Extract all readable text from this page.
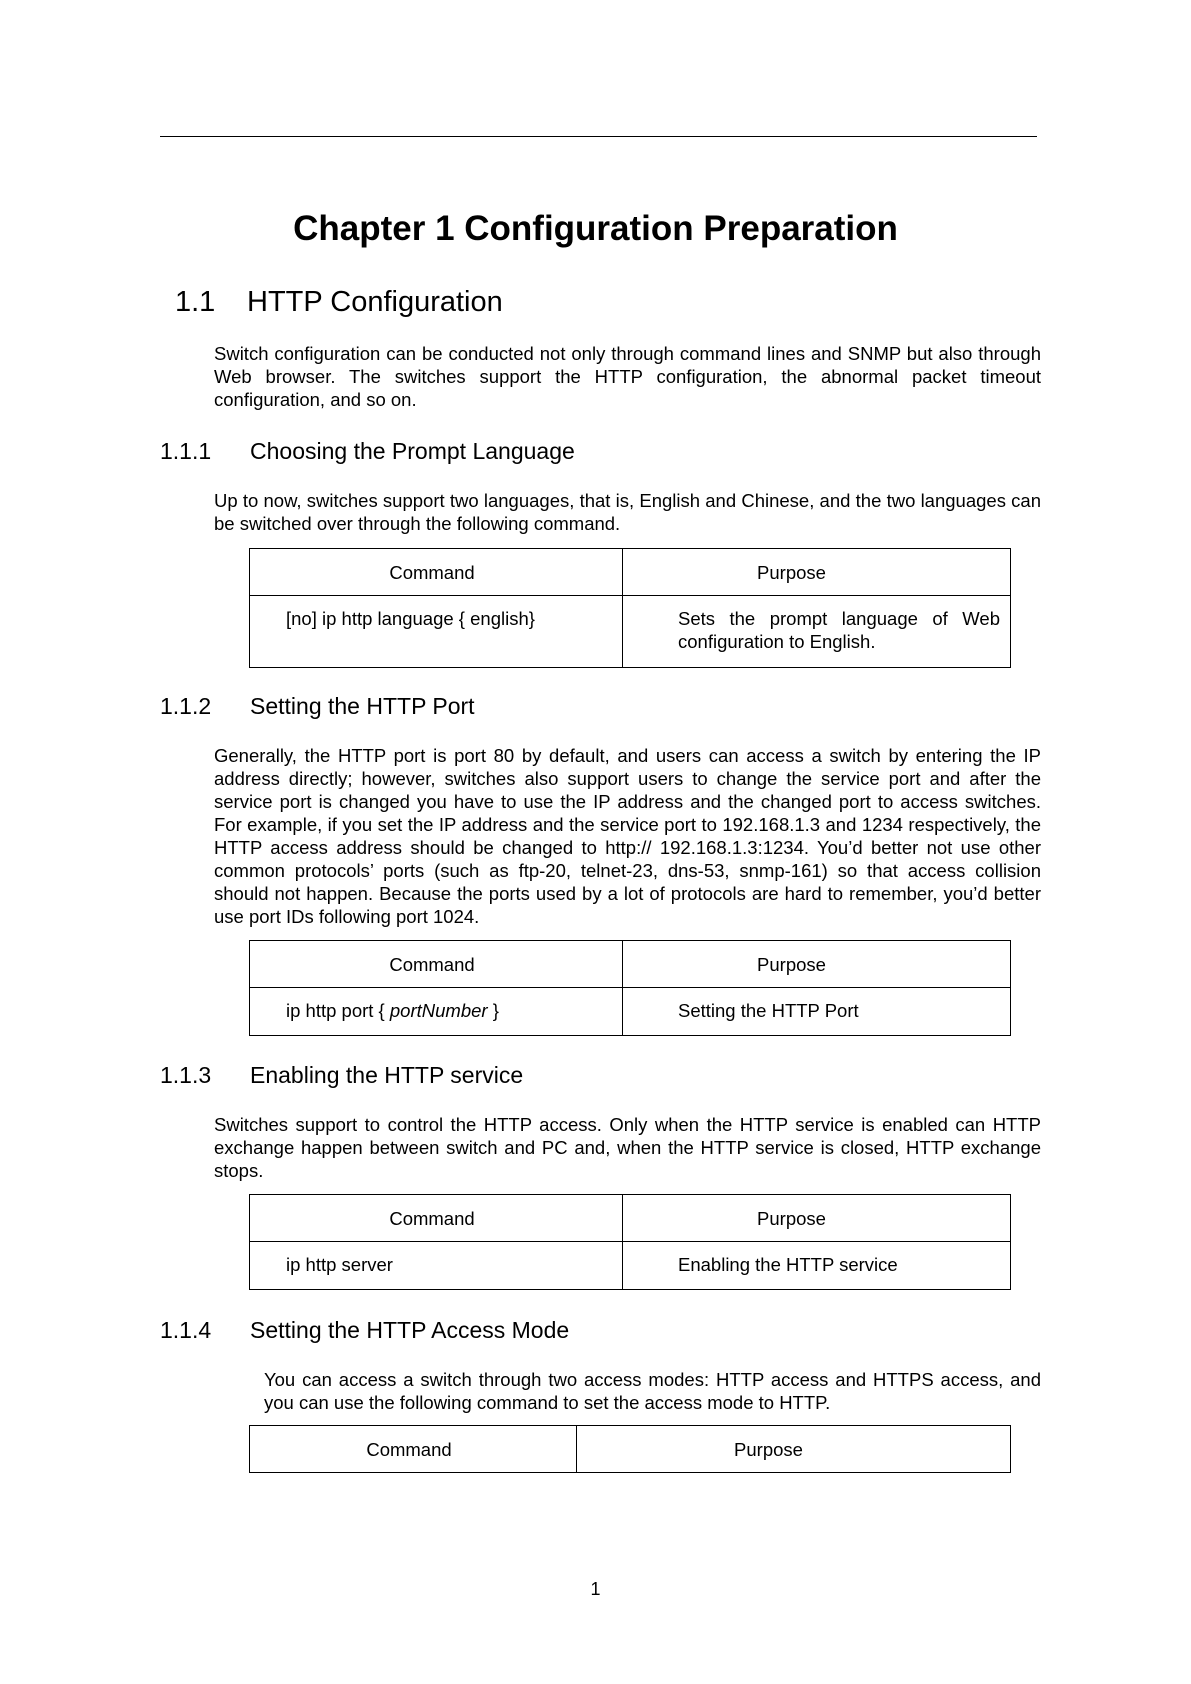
Chapter 1 Configuration Preparation
1.1 HTTP Configuration

Switch configuration can be conducted not only through command lines and SNMP but also through Web browser. The switches support the HTTP configuration, the abnormal packet timeout configuration, and so on.

1.1.1 Choosing the Prompt Language

Up to now, switches support two languages, that is, English and Chinese, and the two languages can be switched over through the following command.

Command	Purpose
[no] ip http language { english}	Sets the prompt language of Web configuration to English.
1.1.2 Setting the HTTP Port

Generally, the HTTP port is port 80 by default, and users can access a switch by entering the IP address directly; however, switches also support users to change the service port and after the service port is changed you have to use the IP address and the changed port to access switches. For example, if you set the IP address and the service port to 192.168.1.3 and 1234 respectively, the HTTP access address should be changed to http:// 192.168.1.3:1234. You’d better not use other common protocols’ ports (such as ftp-20, telnet-23, dns-53, snmp-161) so that access collision should not happen. Because the ports used by a lot of protocols are hard to remember, you’d better use port IDs following port 1024.

Command	Purpose
ip http port { portNumber }	Setting the HTTP Port
1.1.3 Enabling the HTTP service

Switches support to control the HTTP access. Only when the HTTP service is enabled can HTTP exchange happen between switch and PC and, when the HTTP service is closed, HTTP exchange stops.

Command	Purpose
ip http server	Enabling the HTTP service
1.1.4 Setting the HTTP Access Mode

You can access a switch through two access modes: HTTP access and HTTPS access, and you can use the following command to set the access mode to HTTP.

Command	Purpose
1
